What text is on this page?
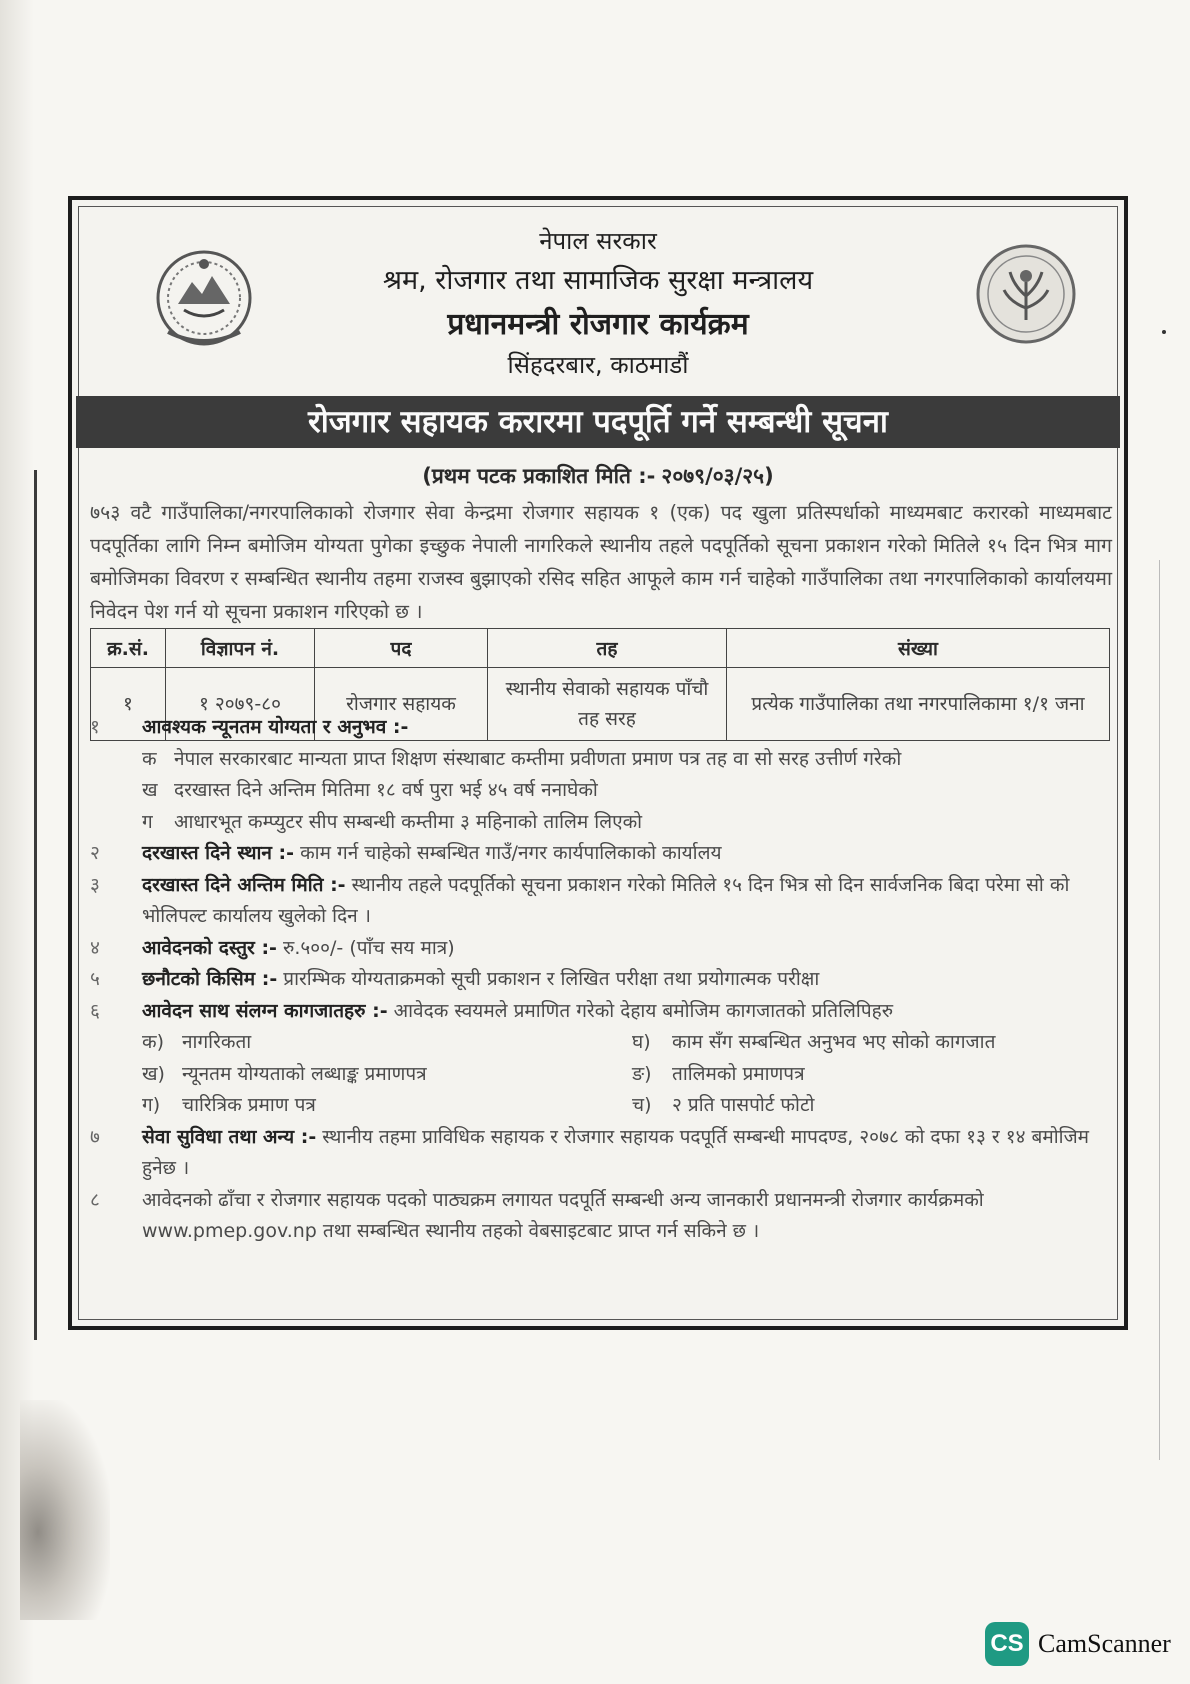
नेपाल सरकार
श्रम, रोजगार तथा सामाजिक सुरक्षा मन्त्रालय
प्रधानमन्त्री रोजगार कार्यक्रम
सिंहदरबार, काठमाडौं
रोजगार सहायक करारमा पदपूर्ति गर्ने सम्बन्धी सूचना
(प्रथम पटक प्रकाशित मिति :- २०७९/०३/२५)
७५३ वटै गाउँपालिका/नगरपालिकाको रोजगार सेवा केन्द्रमा रोजगार सहायक १ (एक) पद खुला प्रतिस्पर्धाको माध्यमबाट करारको माध्यमबाट पदपूर्तिका लागि निम्न बमोजिम योग्यता पुगेका इच्छुक नेपाली नागरिकले स्थानीय तहले पदपूर्तिको सूचना प्रकाशन गरेको मितिले १५ दिन भित्र माग बमोजिमका विवरण र सम्बन्धित स्थानीय तहमा राजस्व बुझाएको रसिद सहित आफूले काम गर्न चाहेको गाउँपालिका तथा नगरपालिकाको कार्यालयमा निवेदन पेश गर्न यो सूचना प्रकाशन गरिएको छ ।
क्र.सं.	विज्ञापन नं.	पद	तह	संख्या
१	१ २०७९-८०	रोजगार सहायक	स्थानीय सेवाको सहायक पाँचौ तह सरह	प्रत्येक गाउँपालिका तथा नगरपालिकामा १/१ जना
१	आवश्यक न्यूनतम योग्यता र अनुभव :-
क नेपाल सरकारबाट मान्यता प्राप्त शिक्षण संस्थाबाट कम्तीमा प्रवीणता प्रमाण पत्र तह वा सो सरह उत्तीर्ण गरेको
ख दरखास्त दिने अन्तिम मितिमा १८ वर्ष पुरा भई ४५ वर्ष ननाघेको
ग आधारभूत कम्प्युटर सीप सम्बन्धी कम्तीमा ३ महिनाको तालिम लिएको
२	दरखास्त दिने स्थान :- काम गर्न चाहेको सम्बन्धित गाउँ/नगर कार्यपालिकाको कार्यालय
३	दरखास्त दिने अन्तिम मिति :- स्थानीय तहले पदपूर्तिको सूचना प्रकाशन गरेको मितिले १५ दिन भित्र सो दिन सार्वजनिक बिदा परेमा सो को भोलिपल्ट कार्यालय खुलेको दिन ।
४	आवेदनको दस्तुर :- रु.५००/- (पाँच सय मात्र)
५	छनौटको किसिम :- प्रारम्भिक योग्यताक्रमको सूची प्रकाशन र लिखित परीक्षा तथा प्रयोगात्मक परीक्षा
६	आवेदन साथ संलग्न कागजातहरु :- आवेदक स्वयमले प्रमाणित गरेको देहाय बमोजिम कागजातको प्रतिलिपिहरु
क) नागरिकता	घ) काम सँग सम्बन्धित अनुभव भए सोको कागजात
ख) न्यूनतम योग्यताको लब्धाङ्क प्रमाणपत्र	ङ) तालिमको प्रमाणपत्र
ग) चारित्रिक प्रमाण पत्र	च) २ प्रति पासपोर्ट फोटो
७	सेवा सुविधा तथा अन्य :- स्थानीय तहमा प्राविधिक सहायक र रोजगार सहायक पदपूर्ति सम्बन्धी मापदण्ड, २०७८ को दफा १३ र १४ बमोजिम हुनेछ ।
८	आवेदनको ढाँचा र रोजगार सहायक पदको पाठ्यक्रम लगायत पदपूर्ति सम्बन्धी अन्य जानकारी प्रधानमन्त्री रोजगार कार्यक्रमको www.pmep.gov.np तथा सम्बन्धित स्थानीय तहको वेबसाइटबाट प्राप्त गर्न सकिने छ ।
CS CamScanner
